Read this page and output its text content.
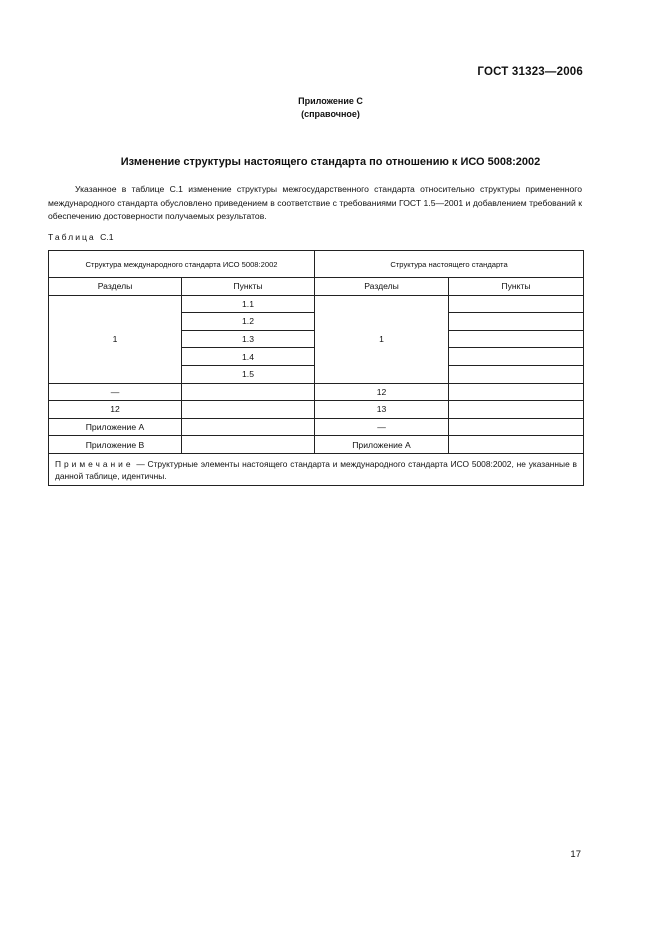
ГОСТ 31323—2006
Приложение С
(справочное)
Изменение структуры настоящего стандарта по отношению к ИСО 5008:2002

Указанное в таблице С.1 изменение структуры межгосударственного стандарта относительно структуры примененного международного стандарта обусловлено приведением в соответствие с требованиями ГОСТ 1.5—2001 и добавлением требований к обеспечению достоверности получаемых результатов.

Таблица С.1
Структура международного стандарта ИСО 5008:2002		Структура настоящего стандарта	
Разделы	Пункты	Разделы	Пункты
1	1.1	1	
	1.2		
	1.3		
	1.4		
	1.5		
—		12	
12		13	
Приложение А		—	
Приложение В		Приложение А	
Примечание — Структурные элементы настоящего стандарта и международного стандарта ИСО 5008:2002, не указанные в данной таблице, идентичны.			
17
